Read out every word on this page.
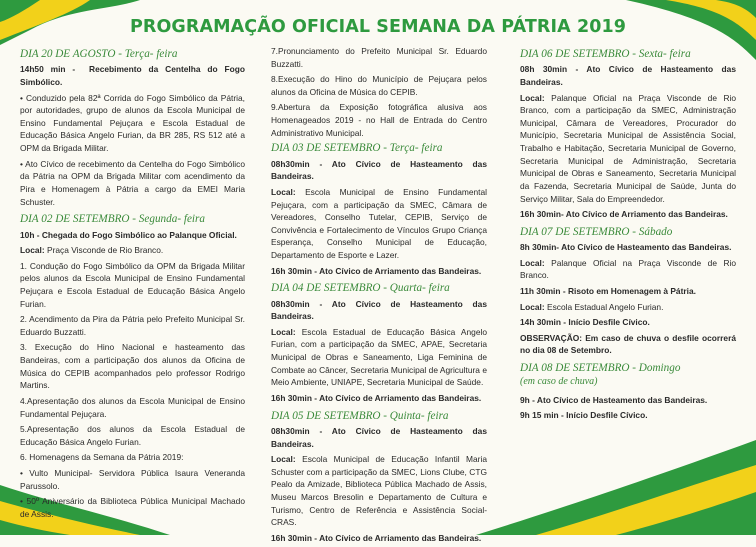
PROGRAMAÇÃO OFICIAL SEMANA DA PÁTRIA 2019
DIA 20 DE AGOSTO - Terça- feira

14h50 min - Recebimento da Centelha do Fogo Simbólico.

• Conduzido pela 82ª Corrida do Fogo Simbólico da Pátria, por autoridades, grupo de alunos da Escola Municipal de Ensino Fundamental Pejuçara e Escola Estadual de Educação Básica Angelo Furian, da BR 285, RS 512 até a OPM da Brigada Militar.

• Ato Cívico de recebimento da Centelha do Fogo Simbólico da Pátria na OPM da Brigada Militar com acendimento da Pira e Homenagem à Pátria a cargo da EMEI Maria Schuster.

DIA 02 DE SETEMBRO - Segunda- feira

10h - Chegada do Fogo Simbólico ao Palanque Oficial.

Local: Praça Visconde de Rio Branco.

1. Condução do Fogo Simbólico da OPM da Brigada Militar pelos alunos da Escola Municipal de Ensino Fundamental Pejuçara e Escola Estadual de Educação Básica Angelo Furian.

2. Acendimento da Pira da Pátria pelo Prefeito Municipal Sr. Eduardo Buzzatti.

3. Execução do Hino Nacional e hasteamento das Bandeiras, com a participação dos alunos da Oficina de Música do CEPIB acompanhados pelo professor Rodrigo Martins.

4.Apresentação dos alunos da Escola Municipal de Ensino Fundamental Pejuçara.

5.Apresentação dos alunos da Escola Estadual de Educação Básica Angelo Furian.

6. Homenagens da Semana da Pátria 2019:

• Vulto Municipal- Servidora Pública Isaura Veneranda Parussolo.

• 50º Aniversário da Biblioteca Pública Municipal Machado de Assis.

7.Pronunciamento do Prefeito Municipal Sr. Eduardo Buzzatti.

8.Execução do Hino do Município de Pejuçara pelos alunos da Oficina de Música do CEPIB.

9.Abertura da Exposição fotográfica alusiva aos Homenageados 2019 - no Hall de Entrada do Centro Administrativo Municipal.

DIA 03 DE SETEMBRO - Terça- feira

08h30min - Ato Cívico de Hasteamento das Bandeiras.

Local: Escola Municipal de Ensino Fundamental Pejuçara, com a participação da SMEC, Câmara de Vereadores, Conselho Tutelar, CEPIB, Serviço de Convivência e Fortalecimento de Vínculos Grupo Criança Esperança, Conselho Municipal de Educação, Departamento de Esporte e Lazer.

16h 30min - Ato Cívico de Arriamento das Bandeiras.

DIA 04 DE SETEMBRO - Quarta- feira

08h30min - Ato Cívico de Hasteamento das Bandeiras.

Local: Escola Estadual de Educação Básica Angelo Furian, com a participação da SMEC, APAE, Secretaria Municipal de Obras e Saneamento, Liga Feminina de Combate ao Câncer, Secretaria Municipal de Agricultura e Meio Ambiente, UNIAPE, Secretaria Municipal de Saúde.

16h 30min - Ato Cívico de Arriamento das Bandeiras.

DIA 05 DE SETEMBRO - Quinta- feira

08h30min - Ato Cívico de Hasteamento das Bandeiras.

Local: Escola Municipal de Educação Infantil Maria Schuster com a participação da SMEC, Lions Clube, CTG Pealo da Amizade, Biblioteca Pública Machado de Assis, Museu Marcos Bresolin e Departamento de Cultura e Turismo, Centro de Referência e Assistência Social- CRAS.

16h 30min - Ato Cívico de Arriamento das Bandeiras.

DIA 06 DE SETEMBRO - Sexta- feira

08h 30min - Ato Cívico de Hasteamento das Bandeiras.

Local: Palanque Oficial na Praça Visconde de Rio Branco, com a participação da SMEC, Administração Municipal, Câmara de Vereadores, Procurador do Município, Secretaria Municipal de Assistência Social, Trabalho e Habitação, Secretaria Municipal de Governo, Secretaria Municipal de Administração, Secretaria Municipal de Obras e Saneamento, Secretaria Municipal da Fazenda, Secretaria Municipal de Saúde, Junta do Serviço Militar, Sala do Empreendedor.

16h 30min- Ato Cívico de Arriamento das Bandeiras.

DIA 07 DE SETEMBRO - Sábado

8h 30min- Ato Cívico de Hasteamento das Bandeiras.

Local: Palanque Oficial na Praça Visconde de Rio Branco.

11h 30min - Risoto em Homenagem à Pátria.

Local: Escola Estadual Angelo Furian.

14h 30min - Início Desfile Cívico.

OBSERVAÇÃO: Em caso de chuva o desfile ocorrerá no dia 08 de Setembro.

DIA 08 DE SETEMBRO - Domingo
(em caso de chuva)

9h - Ato Cívico de Hasteamento das Bandeiras.

9h 15 min - Início Desfile Cívico.
